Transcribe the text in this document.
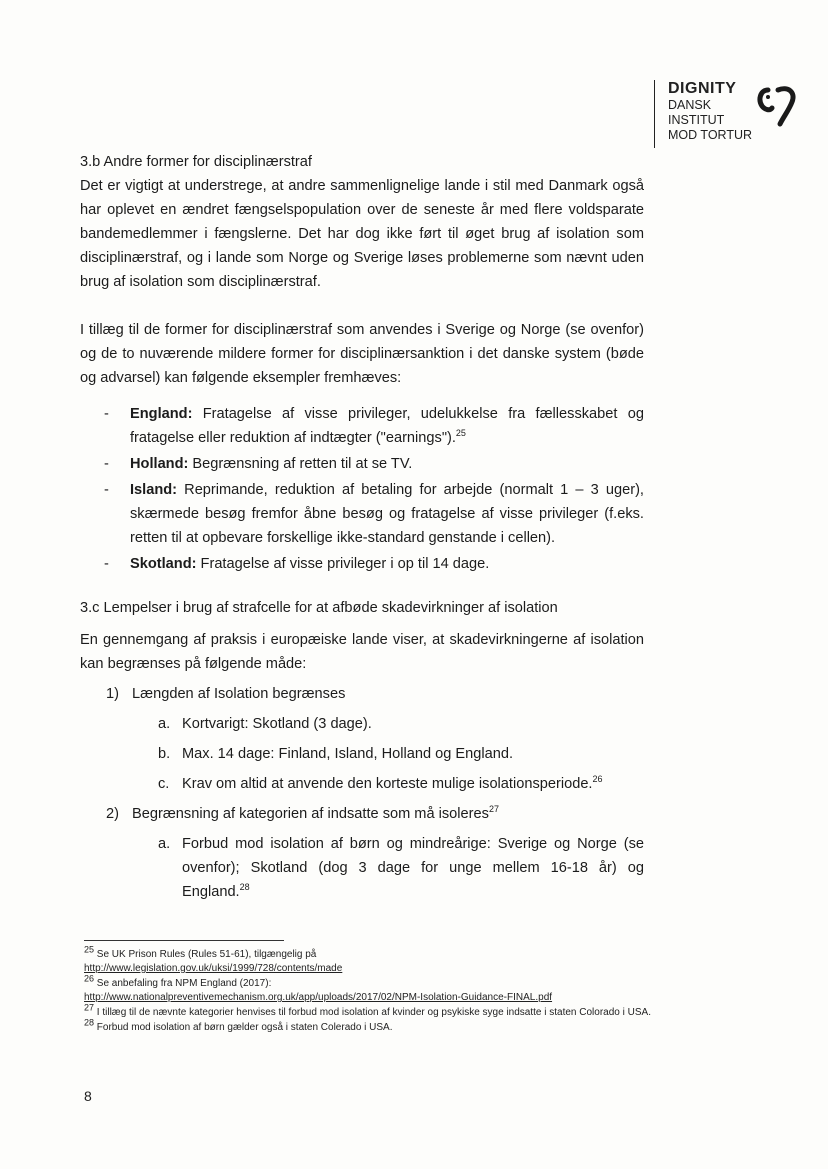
DIGNITY
DANSK
INSTITUT
MOD TORTUR

3.b Andre former for disciplinærstraf

Det er vigtigt at understrege, at andre sammenlignelige lande i stil med Danmark også har oplevet en ændret fængselspopulation over de seneste år med flere voldsparate bandemedlemmer i fængslerne. Det har dog ikke ført til øget brug af isolation som disciplinærstraf, og i lande som Norge og Sverige løses problemerne som nævnt uden brug af isolation som disciplinærstraf.

I tillæg til de former for disciplinærstraf som anvendes i Sverige og Norge (se ovenfor) og de to nuværende mildere former for disciplinærsanktion i det danske system (bøde og advarsel) kan følgende eksempler fremhæves:

- England: Fratagelse af visse privileger, udelukkelse fra fællesskabet og fratagelse eller reduktion af indtægter ("earnings").$^{25}$
- Holland: Begrænsning af retten til at se TV.
- Island: Reprimande, reduktion af betaling for arbejde (normalt 1 – 3 uger), skærmede besøg fremfor åbne besøg og fratagelse af visse privileger (f.eks. retten til at opbevare forskellige ikke-standard genstande i cellen).
- Skotland: Fratagelse af visse privileger i op til 14 dage.

3.c Lempelser i brug af strafcelle for at afbøde skadevirkninger af isolation

En gennemgang af praksis i europæiske lande viser, at skadevirkningerne af isolation kan begrænses på følgende måde:

1) Længden af Isolation begrænses
a. Kortvarigt: Skotland (3 dage).
b. Max. 14 dage: Finland, Island, Holland og England.
c. Krav om altid at anvende den korteste mulige isolationsperiode.$^{26}$
2) Begrænsning af kategorien af indsatte som må isoleres$^{27}$
a. Forbud mod isolation af børn og mindreårige: Sverige og Norge (se ovenfor); Skotland (dog 3 dage for unge mellem 16-18 år) og England.$^{28}$
$^{25}$ Se UK Prison Rules (Rules 51-61), tilgængelig på
http://www.legislation.gov.uk/uksi/1999/728/contents/made
$^{26}$ Se anbefaling fra NPM England (2017):
http://www.nationalpreventivemechanism.org.uk/app/uploads/2017/02/NPM-Isolation-Guidance-FINAL.pdf
$^{27}$ I tillæg til de nævnte kategorier henvises til forbud mod isolation af kvinder og psykiske syge indsatte i staten Colorado i USA.
$^{28}$ Forbud mod isolation af børn gælder også i staten Colerado i USA.
8
